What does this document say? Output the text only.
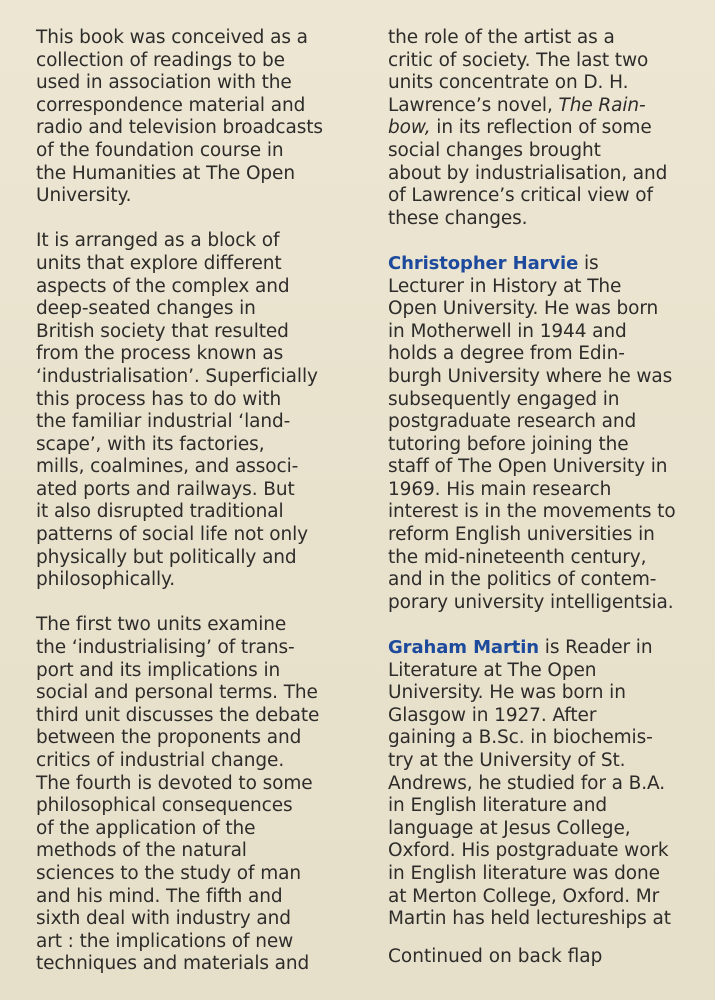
This book was conceived as a
collection of readings to be
used in association with the
correspondence material and
radio and television broadcasts
of the foundation course in
the Humanities at The Open
University.
It is arranged as a block of
units that explore different
aspects of the complex and
deep-seated changes in
British society that resulted
from the process known as
‘industrialisation’. Superficially
this process has to do with
the familiar industrial ‘land-
scape’, with its factories,
mills, coalmines, and associ-
ated ports and railways. But
it also disrupted traditional
patterns of social life not only
physically but politically and
philosophically.
The first two units examine
the ‘industrialising’ of trans-
port and its implications in
social and personal terms. The
third unit discusses the debate
between the proponents and
critics of industrial change.
The fourth is devoted to some
philosophical consequences
of the application of the
methods of the natural
sciences to the study of man
and his mind. The fifth and
sixth deal with industry and
art : the implications of new
techniques and materials and
the role of the artist as a
critic of society. The last two
units concentrate on D. H.
Lawrence’s novel, The Rain-
bow, in its reflection of some
social changes brought
about by industrialisation, and
of Lawrence’s critical view of
these changes.
Christopher Harvie is
Lecturer in History at The
Open University. He was born
in Motherwell in 1944 and
holds a degree from Edin-
burgh University where he was
subsequently engaged in
postgraduate research and
tutoring before joining the
staff of The Open University in
1969. His main research
interest is in the movements to
reform English universities in
the mid-nineteenth century,
and in the politics of contem-
porary university intelligentsia.
Graham Martin is Reader in
Literature at The Open
University. He was born in
Glasgow in 1927. After
gaining a B.Sc. in biochemis-
try at the University of St.
Andrews, he studied for a B.A.
in English literature and
language at Jesus College,
Oxford. His postgraduate work
in English literature was done
at Merton College, Oxford. Mr
Martin has held lectureships at
Continued on back flap
